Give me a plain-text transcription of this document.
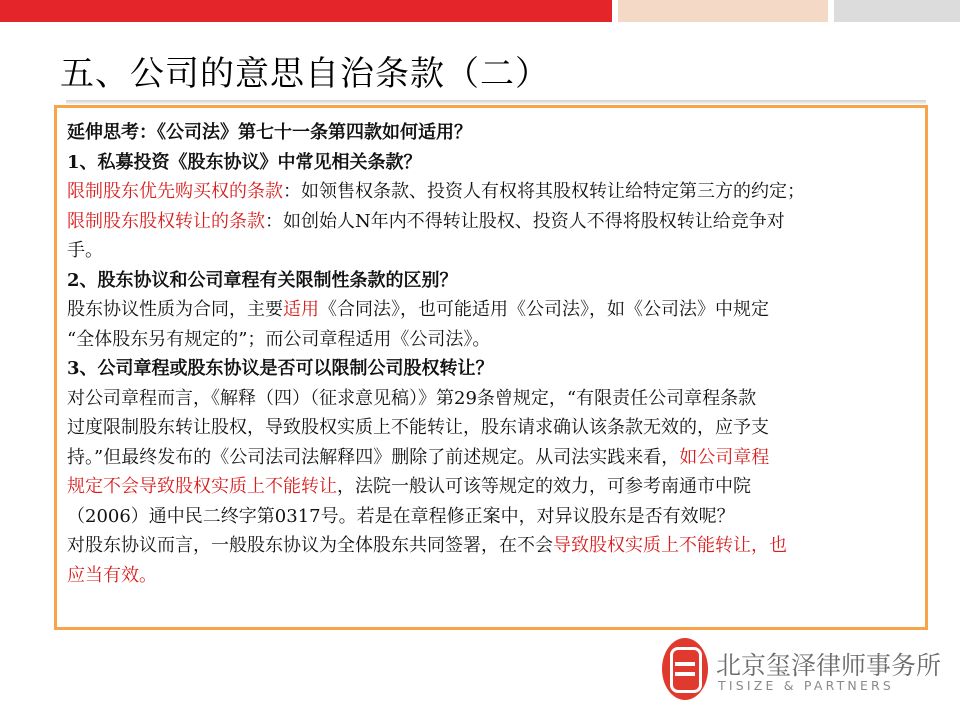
五、公司的意思自治条款（二）
延伸思考：《公司法》第七十一条第四款如何适用？
1、私募投资《股东协议》中常见相关条款？
限制股东优先购买权的条款：如领售权条款、投资人有权将其股权转让给特定第三方的约定；
限制股东股权转让的条款：如创始人N年内不得转让股权、投资人不得将股权转让给竞争对
手。
2、股东协议和公司章程有关限制性条款的区别？
股东协议性质为合同，主要适用《合同法》，也可能适用《公司法》，如《公司法》中规定
“全体股东另有规定的”；而公司章程适用《公司法》。
3、公司章程或股东协议是否可以限制公司股权转让？
对公司章程而言，《解释（四）（征求意见稿）》第29条曾规定，“有限责任公司章程条款
过度限制股东转让股权，导致股权实质上不能转让，股东请求确认该条款无效的，应予支
持。”但最终发布的《公司法司法解释四》删除了前述规定。从司法实践来看，如公司章程
规定不会导致股权实质上不能转让，法院一般认可该等规定的效力，可参考南通市中院
（2006）通中民二终字第0317号。若是在章程修正案中，对异议股东是否有效呢？
对股东协议而言，一般股东协议为全体股东共同签署，在不会导致股权实质上不能转让，也
应当有效。
北京玺泽律师事务所
TISIZE & PARTNERS
